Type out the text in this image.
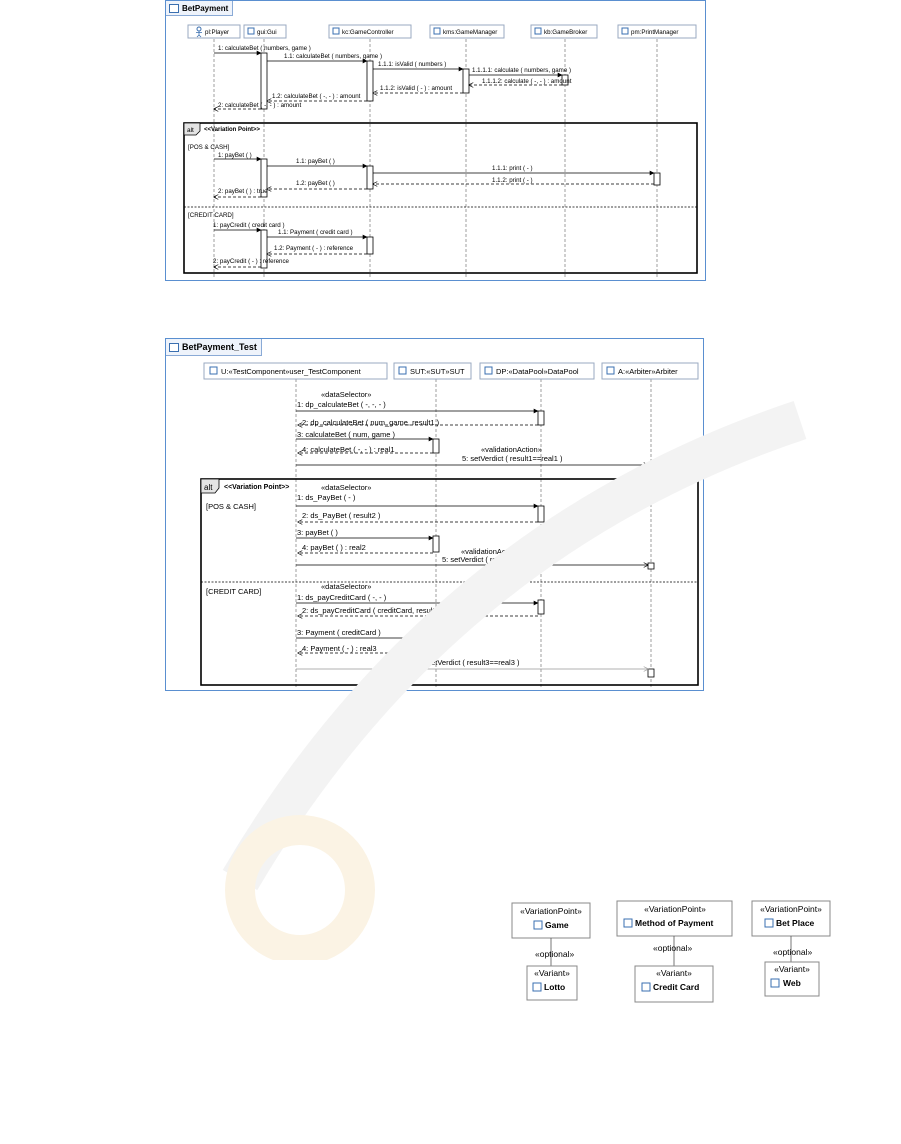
BetPayment
pl:Player	gui:Gui	kc:GameController	kms:GameManager	kb:GameBroker	pm:PrintManager
1: calculateBet ( numbers, game )
1.1: calculateBet ( numbers, game )
1.1.1: isValid ( numbers )
1.1.1.1: calculate ( numbers, game )
1.1.1.2: calculate ( -, - ) : amount
1.1.2: isValid ( - ) : amount
1.2: calculateBet ( -, - ) : amount
2: calculateBet ( -, - ) : amount
alt <<Variation Point>>
[POS & CASH]
[CREDIT CARD]
1: payBet ( )
1.1: payBet ( )
1.1.1: print ( - )
1.1.2: print ( - )
1.2: payBet ( )
2: payBet ( ) : true
1: payCredit ( credit card )
1.1: Payment ( credit card )
1.2: Payment ( - ) : reference
2: payCredit ( - ) : reference
BetPayment_Test
U:«TestComponent»user_TestComponent	SUT:«SUT»SUT	DP:«DataPool»DataPool	A:«Arbiter»Arbiter
«dataSelector»
1: dp_calculateBet ( -, -, - )
2: dp_calculateBet ( num_game, result1 )
3: calculateBet ( num, game )
4: calculateBet ( -, - ) : real1	«validationAction»
5: setVerdict ( result1==real1 )
alt <<Variation Point>>
[POS & CASH]
[CREDIT CARD]
«dataSelector»
1: ds_PayBet ( - )
2: ds_PayBet ( result2 )
3: payBet ( )
4: payBet ( ) : real2	«validationAction»
5: setVerdict ( result2==real2 )
«dataSelector»
1: ds_payCreditCard ( -, - )
2: ds_payCreditCard ( creditCard, result3 )
3: Payment ( creditCard )
4: Payment ( - ) : real3
5: setVerdict ( result3==real3 )
«VariationPoint»
Game
«optional»
«Variant»
Lotto
«VariationPoint»
Method of Payment
«optional»
«Variant»
Credit Card
«VariationPoint»
Bet Place
«optional»
«Variant»
Web
